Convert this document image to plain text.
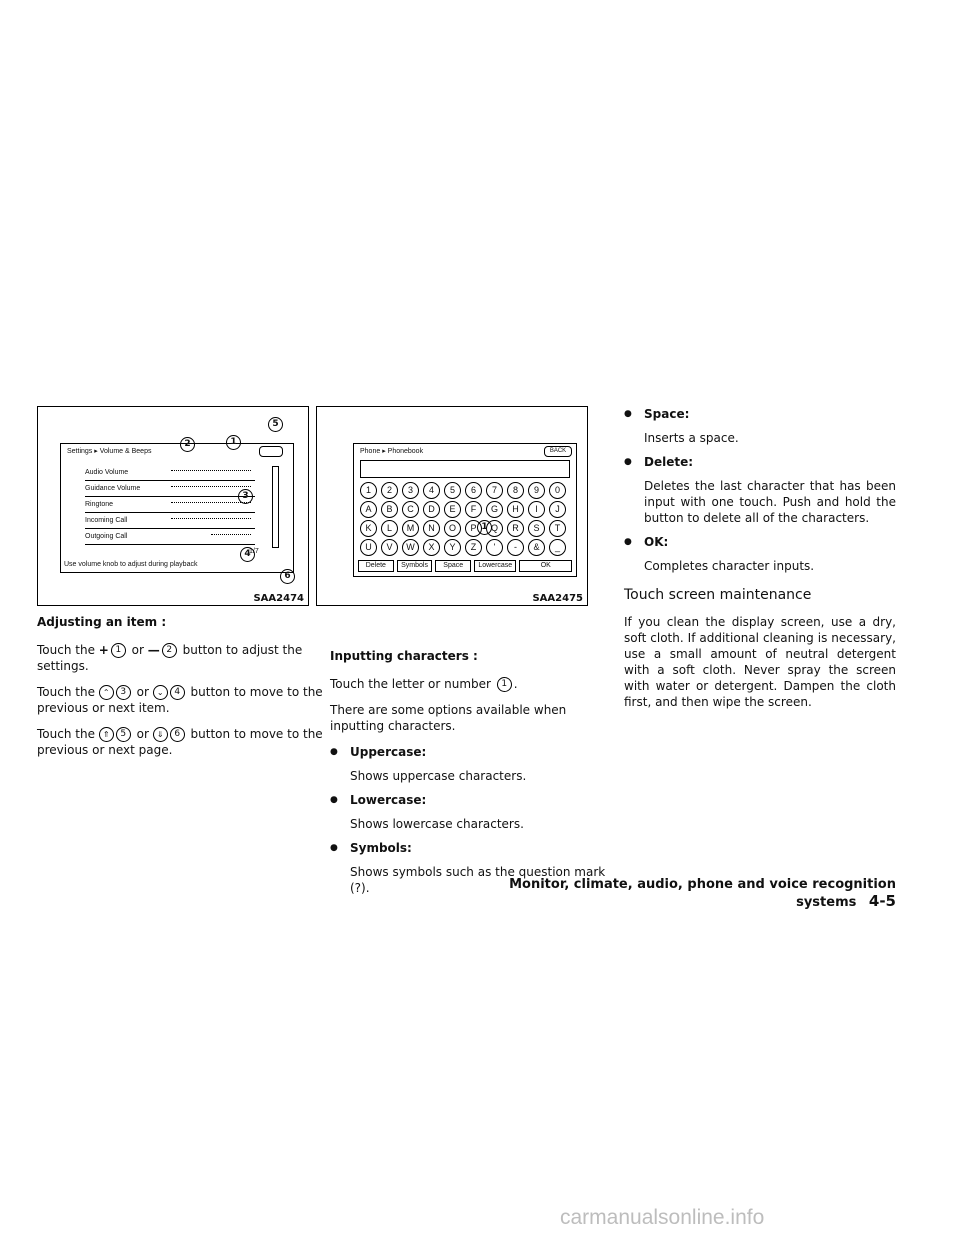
Settings ▸ Volume & Beeps
Audio Volume
Guidance Volume
Ringtone
Incoming Call
Outgoing Call
1/7
Use volume knob to adjust during playback
2	1
5
3
4
6
SAA2474
Phone ▸ Phonebook	BACK
1	2	3	4	5	6	7	8	9	0
A	B	C	D	E	F	G	H	I	J
K	L	M	N	O	P	Q	R	S	T
U	V	W	X	Y	Z	'	-	&	_
Delete	Symbols	Space	Lowercase	OK
1
SAA2475

Adjusting an item :

Touch the + 1 or — 2 button to adjust the settings.

Touch the ⌃ 3 or ⌄ 4 button to move to the previous or next item.

Touch the ⇑ 5 or ⇓ 6 button to move to the previous or next page.

Inputting characters :

Touch the letter or number 1 .

There are some options available when inputting characters.

● Uppercase:

Shows uppercase characters.

● Lowercase:

Shows lowercase characters.

● Symbols:

Shows symbols such as the question mark (?).

● Space:

Inserts a space.

● Delete:

Deletes the last character that has been input with one touch. Push and hold the button to delete all of the characters.

● OK:

Completes character inputs.

Touch screen maintenance

If you clean the display screen, use a dry, soft cloth. If additional cleaning is necessary, use a small amount of neutral detergent with a soft cloth. Never spray the screen with water or detergent. Dampen the cloth first, and then wipe the screen.

Monitor, climate, audio, phone and voice recognition systems 4-5
carmanualsonline.info
